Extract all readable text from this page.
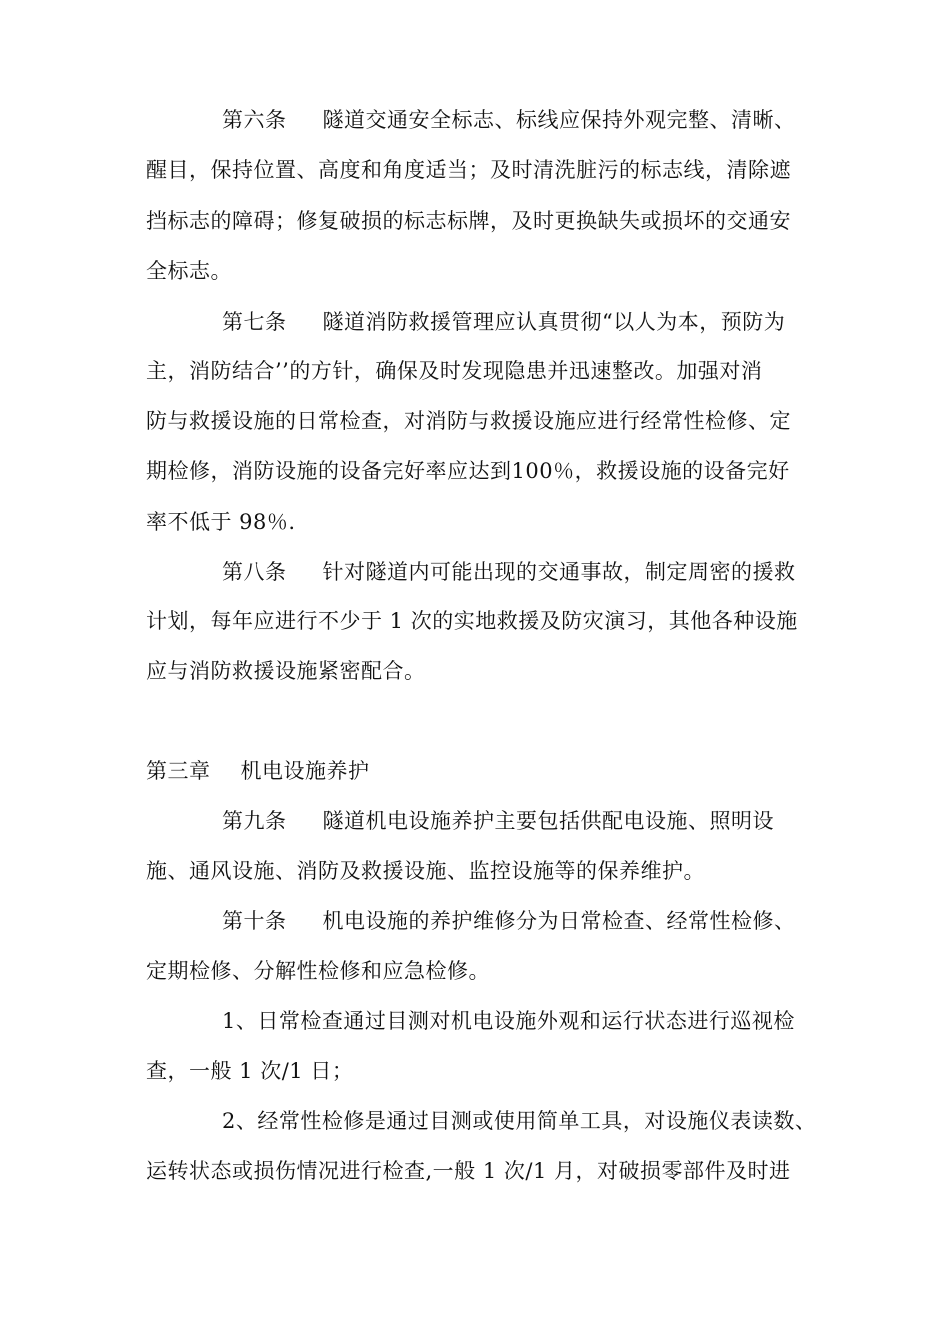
第六条 隧道交通安全标志、标线应保持外观完整、清晰、
醒目，保持位置、高度和角度适当；及时清洗脏污的标志线，清除遮
挡标志的障碍；修复破损的标志标牌，及时更换缺失或损坏的交通安
全标志。
第七条 隧道消防救援管理应认真贯彻“以人为本，预防为
主，消防结合’’的方针，确保及时发现隐患并迅速整改。加强对消
防与救援设施的日常检查，对消防与救援设施应进行经常性检修、定
期检修，消防设施的设备完好率应达到100％，救援设施的设备完好
率不低于 98％.
第八条 针对隧道内可能出现的交通事故，制定周密的援救
计划，每年应进行不少于 1 次的实地救援及防灾演习，其他各种设施
应与消防救援设施紧密配合。
第三章 机电设施养护
第九条 隧道机电设施养护主要包括供配电设施、照明设
施、通风设施、消防及救援设施、监控设施等的保养维护。
第十条 机电设施的养护维修分为日常检查、经常性检修、
定期检修、分解性检修和应急检修。
1、日常检查通过目测对机电设施外观和运行状态进行巡视检
查，一般 1 次/1 日；
2、经常性检修是通过目测或使用简单工具，对设施仪表读数、
运转状态或损伤情况进行检查,一般 1 次/1 月，对破损零部件及时进
